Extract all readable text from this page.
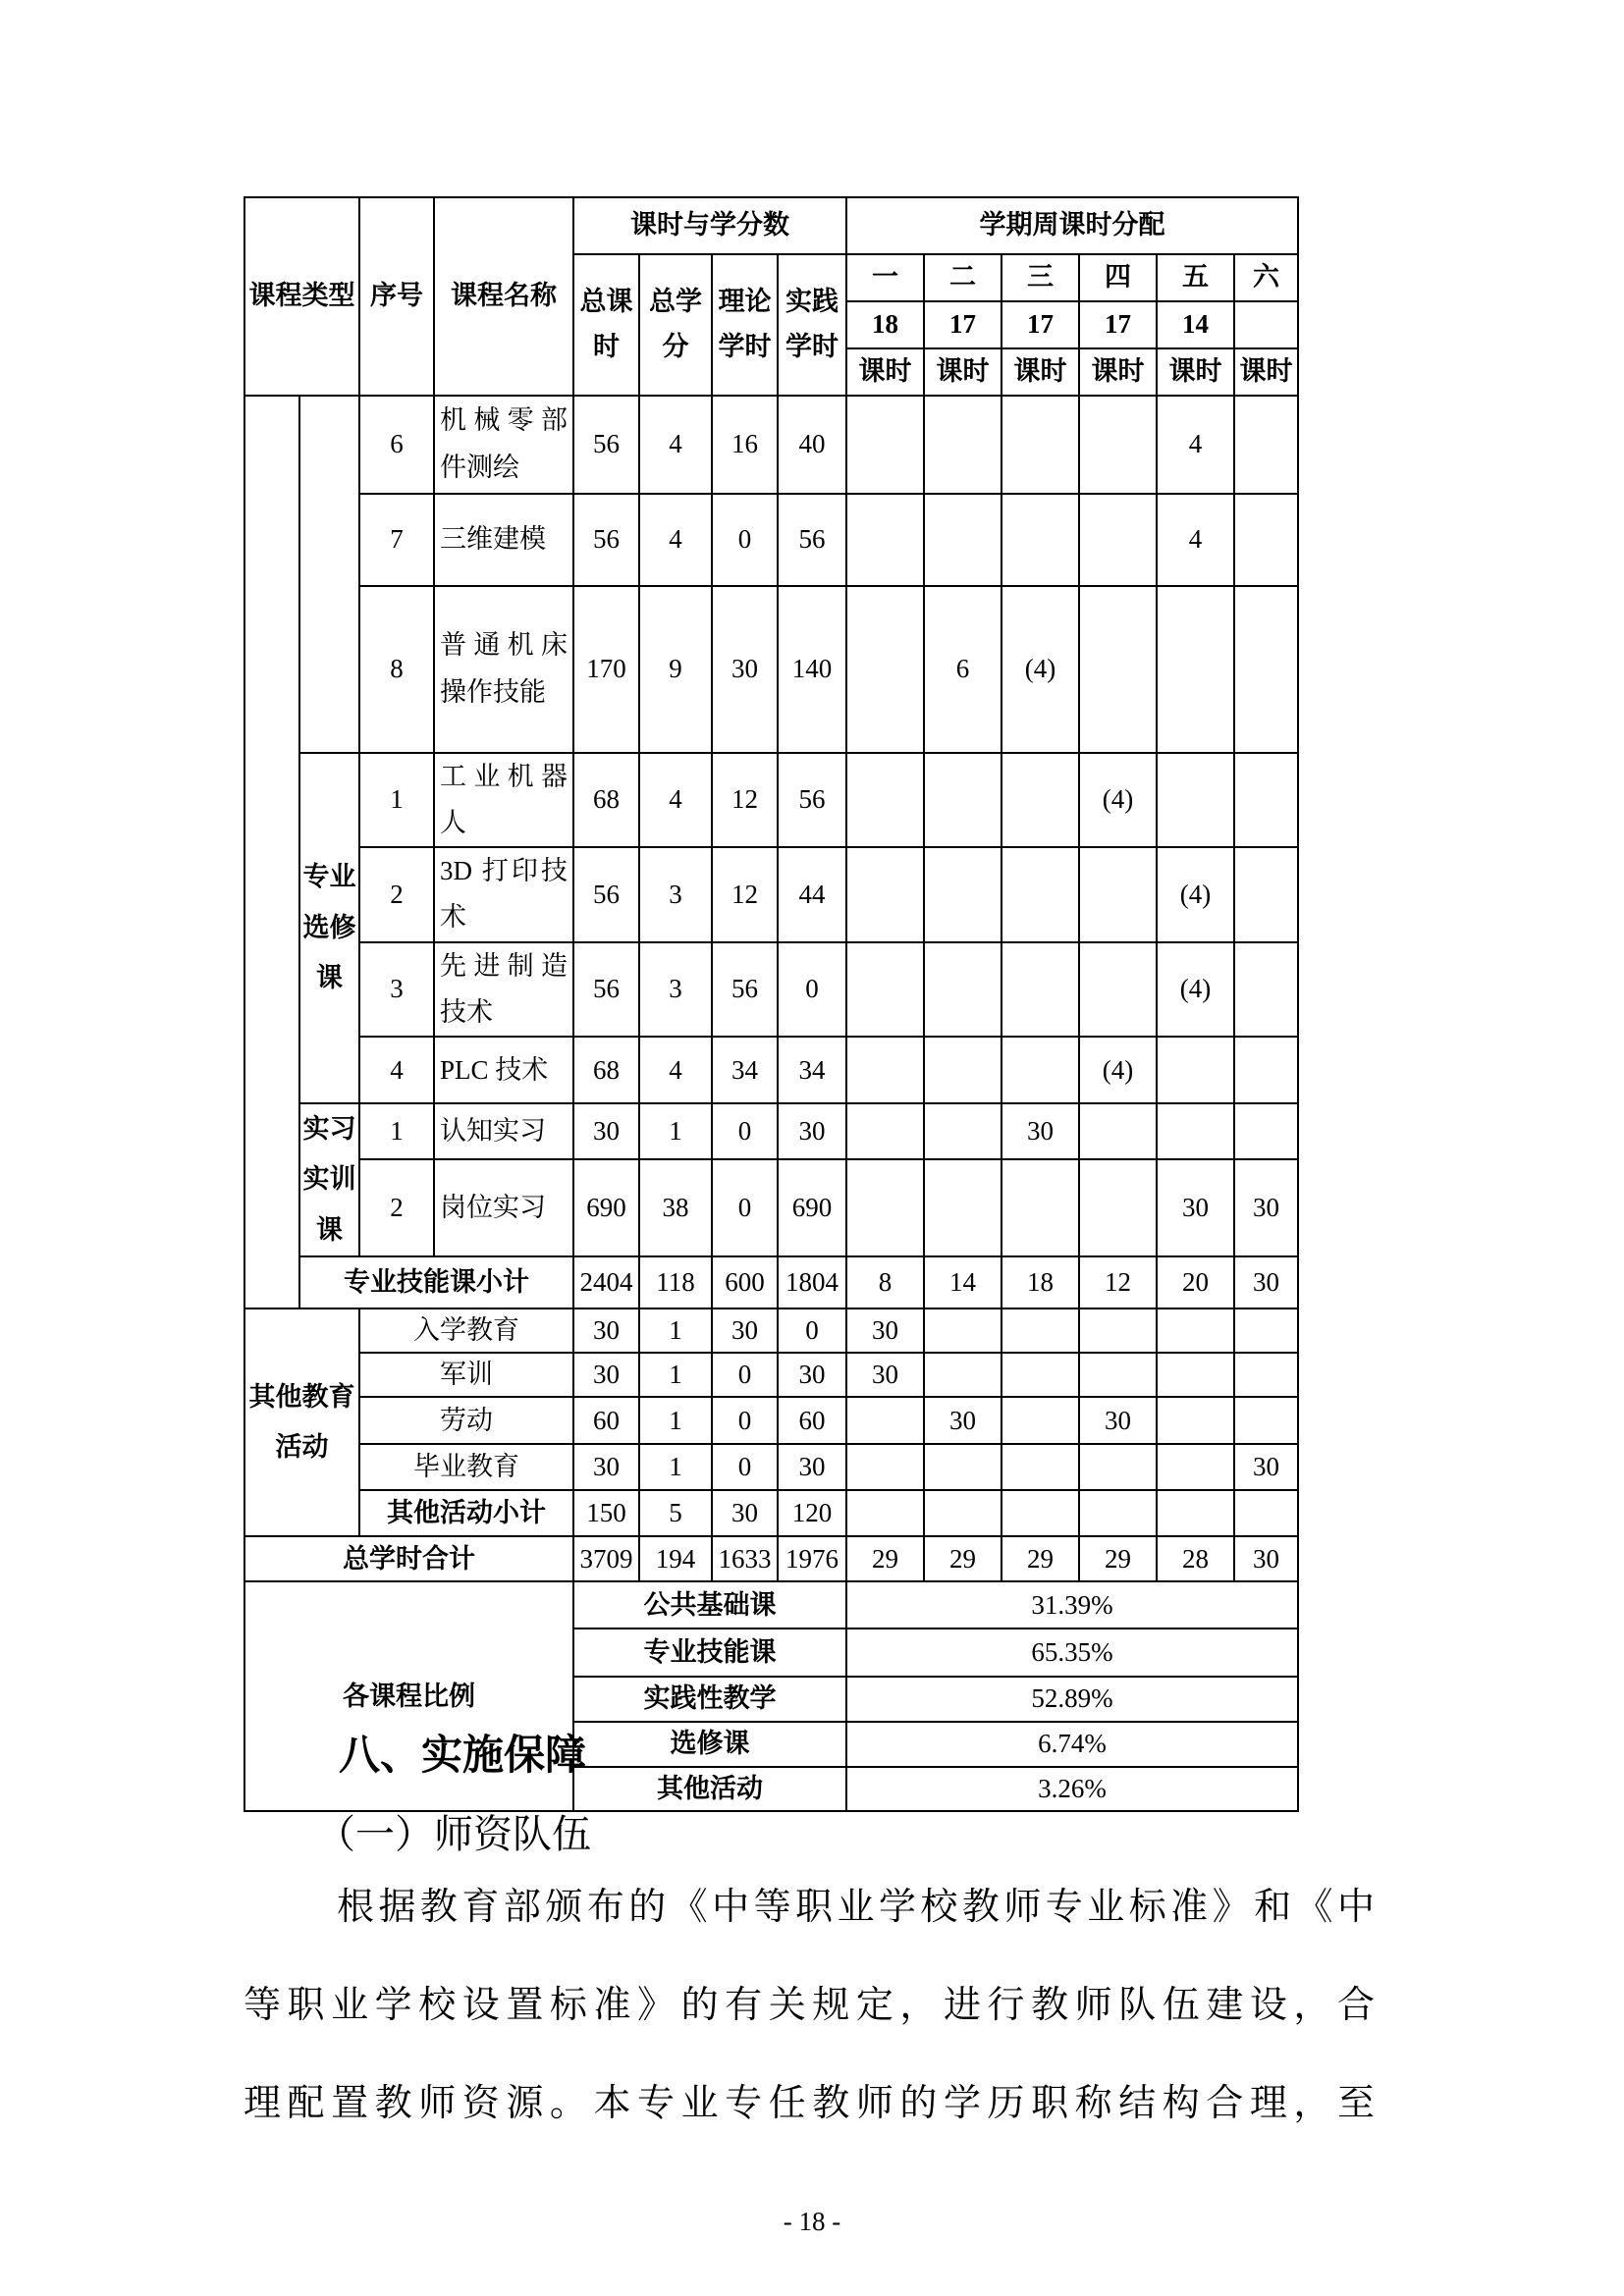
课程类型		序号	课程名称	课时与学分数				学期周课时分配					
				总课时	总学分	理论学时	实践学时	一	二	三	四	五	六
								18	17	17	17	14	
								课时	课时	课时	课时	课时	课时
		6	机械零部件测绘	56	4	16	40					4	
		7	三维建模	56	4	0	56					4	
		8	普通机床操作技能	170	9	30	140		6	(4)			
	专业选修课	1	工业机器人	68	4	12	56				(4)		
		2	3D 打印技术	56	3	12	44					(4)	
		3	先进制造技术	56	3	56	0					(4)	
		4	PLC 技术	68	4	34	34				(4)		
	实习实训课	1	认知实习	30	1	0	30			30			
		2	岗位实习	690	38	0	690					30	30
	专业技能课小计			2404	118	600	1804	8	14	18	12	20	30
其他教育活动		入学教育		30	1	30	0	30					
		军训		30	1	0	30	30					
		劳动		60	1	0	60		30		30		
		毕业教育		30	1	0	30						30
		其他活动小计		150	5	30	120						
总学时合计				3709	194	1633	1976	29	29	29	29	28	30
各课程比例				公共基础课				31.39%					
				专业技能课				65.35%					
				实践性教学				52.89%					
				选修课				6.74%					
				其他活动				3.26%					
八、实施保障
（一）师资队伍
根据教育部颁布的《中等职业学校教师专业标准》和《中
等职业学校设置标准》的有关规定，进行教师队伍建设，合
理配置教师资源。本专业专任教师的学历职称结构合理，至
- 18 -
